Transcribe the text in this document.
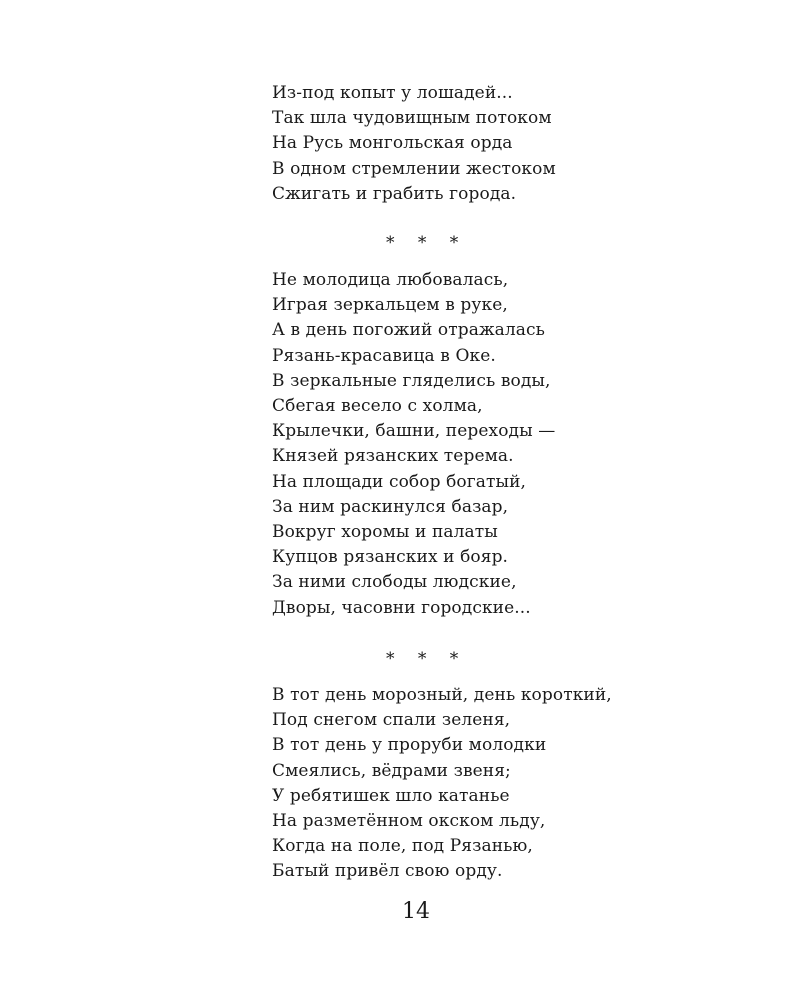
Из-под копыт у лошадей...
Так шла чудовищным потоком
На Русь монгольская орда
В одном стремлении жестоком
Сжигать и грабить города.
* * *
Не молодица любовалась,
Играя зеркальцем в руке,
А в день погожий отражалась
Рязань-красавица в Оке.
В зеркальные гляделись воды,
Сбегая весело с холма,
Крылечки, башни, переходы —
Князей рязанских терема.
На площади собор богатый,
За ним раскинулся базар,
Вокруг хоромы и палаты
Купцов рязанских и бояр.
За ними слободы людские,
Дворы, часовни городские...
* * *
В тот день морозный, день короткий,
Под снегом спали зеленя,
В тот день у проруби молодки
Смеялись, вёдрами звеня;
У ребятишек шло катанье
На разметённом окском льду,
Когда на поле, под Рязанью,
Батый привёл свою орду.
14
